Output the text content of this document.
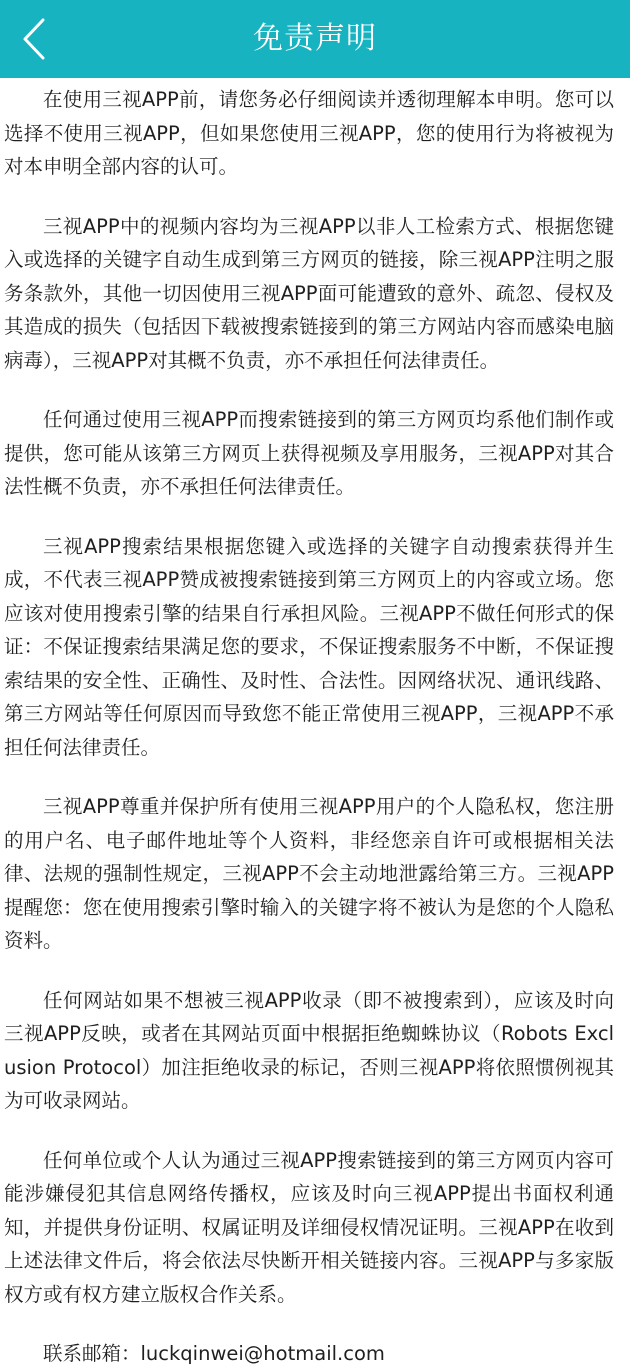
免责声明

在使用三视APP前，请您务必仔细阅读并透彻理解本申明。您可以选择不使用三视APP，但如果您使用三视APP，您的使用行为将被视为对本申明全部内容的认可。

三视APP中的视频内容均为三视APP以非人工检索方式、根据您键入或选择的关键字自动生成到第三方网页的链接，除三视APP注明之服务条款外，其他一切因使用三视APP面可能遭致的意外、疏忽、侵权及其造成的损失（包括因下载被搜索链接到的第三方网站内容而感染电脑病毒），三视APP对其概不负责，亦不承担任何法律责任。

任何通过使用三视APP而搜索链接到的第三方网页均系他们制作或提供，您可能从该第三方网页上获得视频及享用服务，三视APP对其合法性概不负责，亦不承担任何法律责任。

三视APP搜索结果根据您键入或选择的关键字自动搜索获得并生成，不代表三视APP赞成被搜索链接到第三方网页上的内容或立场。您应该对使用搜索引擎的结果自行承担风险。三视APP不做任何形式的保证：不保证搜索结果满足您的要求，不保证搜索服务不中断，不保证搜索结果的安全性、正确性、及时性、合法性。因网络状况、通讯线路、第三方网站等任何原因而导致您不能正常使用三视APP，三视APP不承担任何法律责任。

三视APP尊重并保护所有使用三视APP用户的个人隐私权，您注册的用户名、电子邮件地址等个人资料，非经您亲自许可或根据相关法律、法规的强制性规定，三视APP不会主动地泄露给第三方。三视APP提醒您：您在使用搜索引擎时输入的关键字将不被认为是您的个人隐私资料。

任何网站如果不想被三视APP收录（即不被搜索到），应该及时向三视APP反映，或者在其网站页面中根据拒绝蜘蛛协议（Robots Exclusion Protocol）加注拒绝收录的标记，否则三视APP将依照惯例视其为可收录网站。

任何单位或个人认为通过三视APP搜索链接到的第三方网页内容可能涉嫌侵犯其信息网络传播权，应该及时向三视APP提出书面权利通知，并提供身份证明、权属证明及详细侵权情况证明。三视APP在收到上述法律文件后，将会依法尽快断开相关链接内容。三视APP与多家版权方或有权方建立版权合作关系。

联系邮箱：luckqinwei@hotmail.com
